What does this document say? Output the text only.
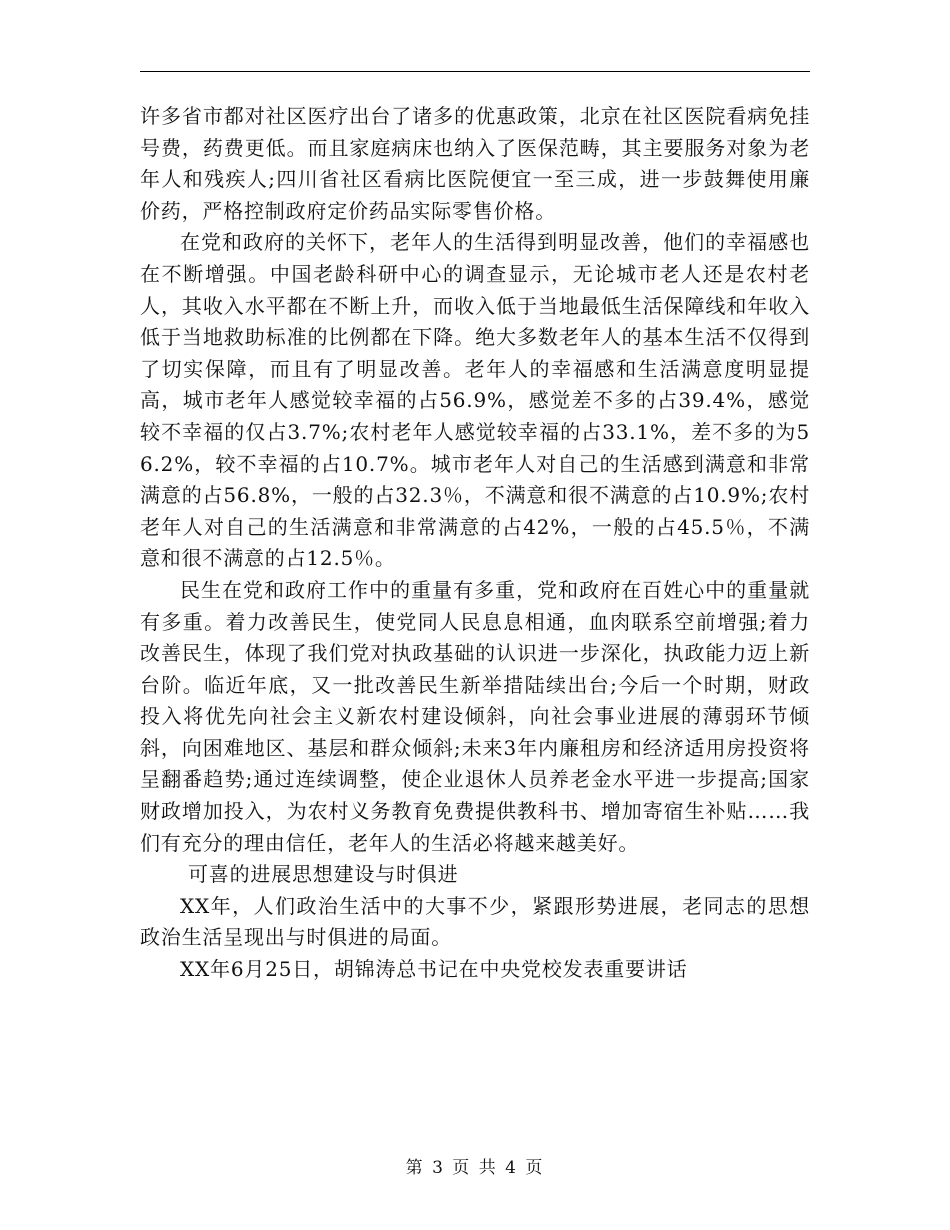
许多省市都对社区医疗出台了诸多的优惠政策，北京在社区医院看病免挂号费，药费更低。而且家庭病床也纳入了医保范畴，其主要服务对象为老年人和残疾人;四川省社区看病比医院便宜一至三成，进一步鼓舞使用廉价药，严格控制政府定价药品实际零售价格。

在党和政府的关怀下，老年人的生活得到明显改善，他们的幸福感也在不断增强。中国老龄科研中心的调查显示，无论城市老人还是农村老人，其收入水平都在不断上升，而收入低于当地最低生活保障线和年收入低于当地救助标准的比例都在下降。绝大多数老年人的基本生活不仅得到了切实保障，而且有了明显改善。老年人的幸福感和生活满意度明显提高，城市老年人感觉较幸福的占56.9%，感觉差不多的占39.4%，感觉较不幸福的仅占3.7%;农村老年人感觉较幸福的占33.1%，差不多的为56.2%，较不幸福的占10.7%。城市老年人对自己的生活感到满意和非常满意的占56.8%，一般的占32.3％，不满意和很不满意的占10.9%;农村老年人对自己的生活满意和非常满意的占42%，一般的占45.5％，不满意和很不满意的占12.5％。

民生在党和政府工作中的重量有多重，党和政府在百姓心中的重量就有多重。着力改善民生，使党同人民息息相通，血肉联系空前增强;着力改善民生，体现了我们党对执政基础的认识进一步深化，执政能力迈上新台阶。临近年底，又一批改善民生新举措陆续出台;今后一个时期，财政投入将优先向社会主义新农村建设倾斜，向社会事业进展的薄弱环节倾斜，向困难地区、基层和群众倾斜;未来3年内廉租房和经济适用房投资将呈翻番趋势;通过连续调整，使企业退休人员养老金水平进一步提高;国家财政增加投入，为农村义务教育免费提供教科书、增加寄宿生补贴……我们有充分的理由信任，老年人的生活必将越来越美好。

可喜的进展思想建设与时俱进

XX年，人们政治生活中的大事不少，紧跟形势进展，老同志的思想政治生活呈现出与时俱进的局面。

XX年6月25日，胡锦涛总书记在中央党校发表重要讲话

第 3 页 共 4 页
